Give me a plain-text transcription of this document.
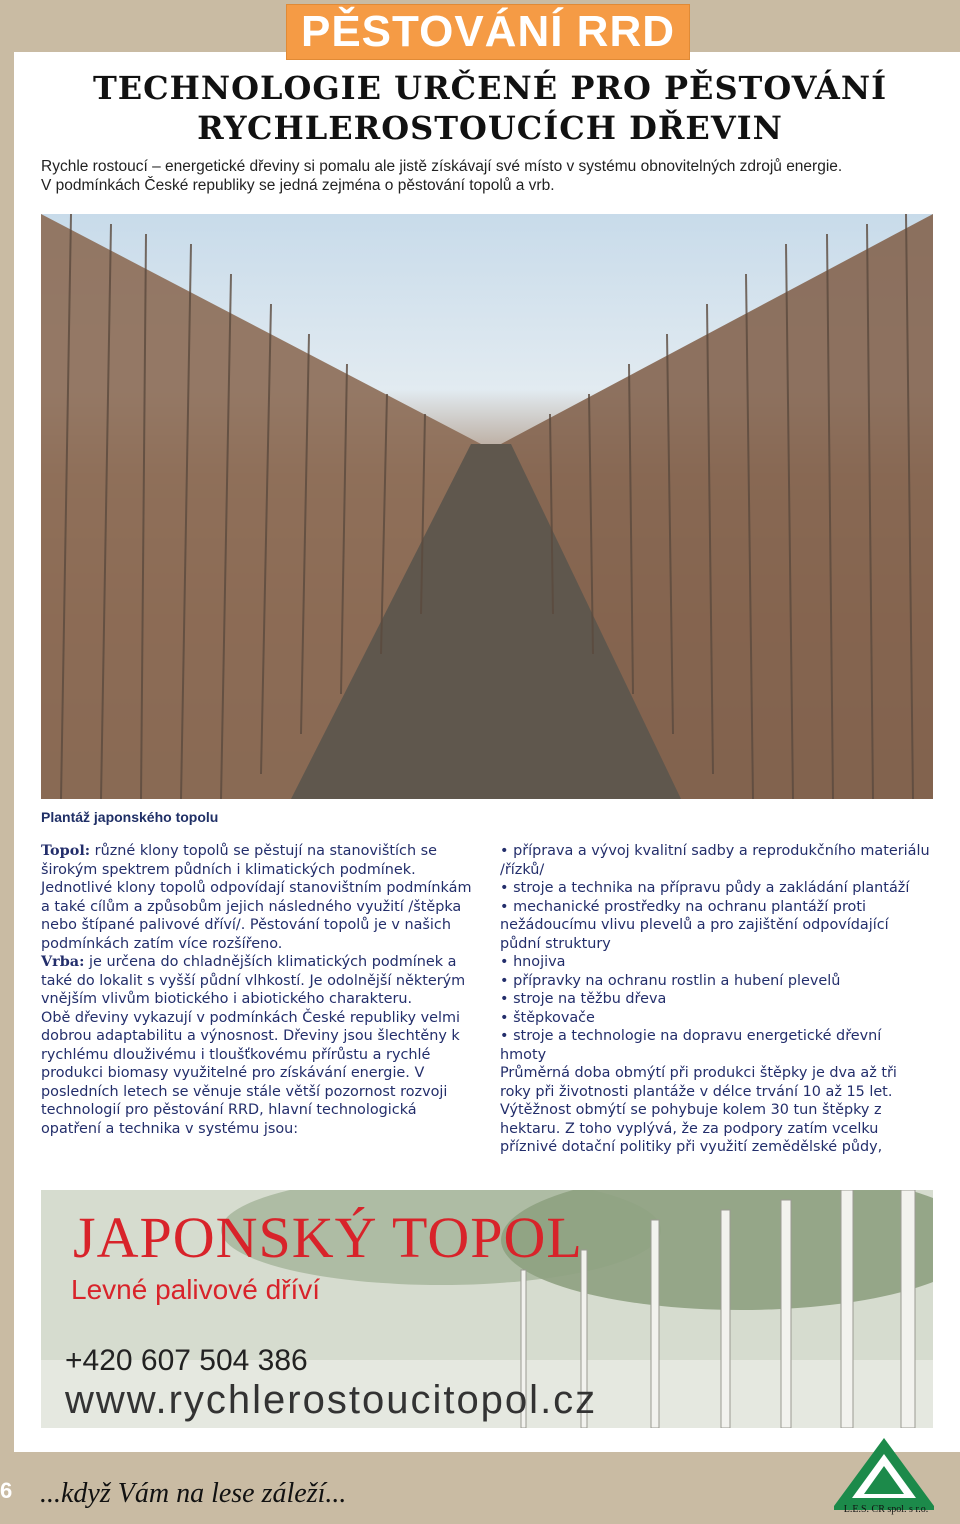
PĚSTOVÁNÍ RRD
TECHNOLOGIE URČENÉ PRO PĚSTOVÁNÍ
RYCHLEROSTOUCÍCH DŘEVIN
Rychle rostoucí – energetické dřeviny si pomalu ale jistě získávají své místo v systému obnovitelných zdrojů energie.
V podmínkách České republiky se jedná zejména o pěstování topolů a vrb.
Plantáž japonského topolu

Topol: různé klony topolů se pěstují na stanovištích se širokým spektrem půdních i klimatických podmínek. Jednotlivé klony topolů odpovídají stanovištním podmínkám a také cílům a způsobům jejich následného využití /štěpka nebo štípané palivové dříví/. Pěstování topolů je v našich podmínkách zatím více rozšířeno.

Vrba: je určena do chladnějších klimatických podmínek a také do lokalit s vyšší půdní vlhkostí. Je odolnější některým vnějším vlivům biotického i abiotického charakteru.

Obě dřeviny vykazují v podmínkách České republiky velmi dobrou adaptabilitu a výnosnost. Dřeviny jsou šlechtěny k rychlému dlouživému i tloušťkovému přírůstu a rychlé produkci biomasy využitelné pro získávání energie. V posledních letech se věnuje stále větší pozornost rozvoji technologií pro pěstování RRD, hlavní technologická opatření a technika v systému jsou:

• příprava a vývoj kvalitní sadby a reprodukčního materiálu /řízků/

• stroje a technika na přípravu půdy a zakládání plantáží

• mechanické prostředky na ochranu plantáží proti nežádoucímu vlivu plevelů a pro zajištění odpovídající půdní struktury

• hnojiva

• přípravky na ochranu rostlin a hubení plevelů

• stroje na těžbu dřeva

• štěpkovače

• stroje a technologie na dopravu energetické dřevní hmoty

Průměrná doba obmýtí při produkci štěpky je dva až tři roky při životnosti plantáže v délce trvání 10 až 15 let. Výtěžnost obmýtí se pohybuje kolem 30 tun štěpky z hektaru. Z toho vyplývá, že za podpory zatím vcelku příznivé dotační politiky při využití zemědělské půdy,

JAPONSKÝ TOPOL
Levné palivové dříví
+420 607 504 386
www.rychlerostoucitopol.cz
6 ...když Vám na lese záleží...
L.E.S. CR spol. s r.o.
